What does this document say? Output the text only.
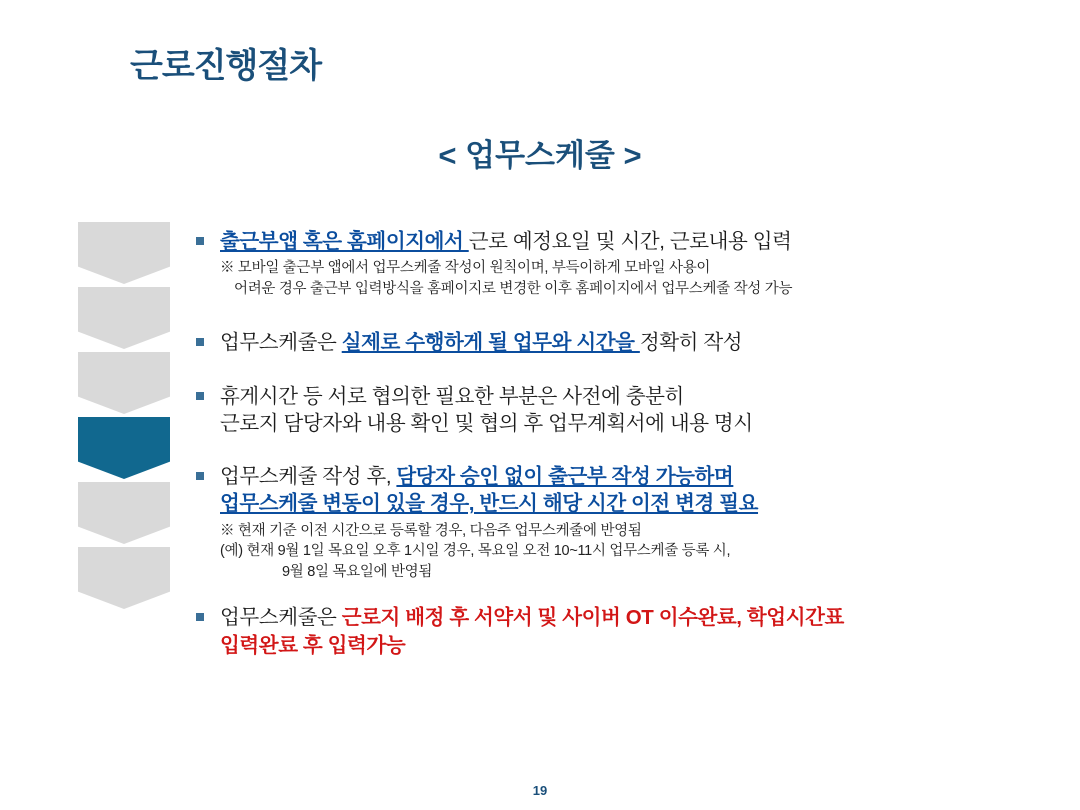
근로진행절차
< 업무스케줄 >
출근부앱 혹은 홈페이지에서 근로 예정요일 및 시간, 근로내용 입력
※ 모바일 출근부 앱에서 업무스케줄 작성이 원칙이며, 부득이하게 모바일 사용이
어려운 경우 출근부 입력방식을 홈페이지로 변경한 이후 홈페이지에서 업무스케줄 작성 가능
업무스케줄은 실제로 수행하게 될 업무와 시간을 정확히 작성
휴게시간 등 서로 협의한 필요한 부분은 사전에 충분히
근로지 담당자와 내용 확인 및 협의 후 업무계획서에 내용 명시
업무스케줄 작성 후, 담당자 승인 없이 출근부 작성 가능하며
업무스케줄 변동이 있을 경우, 반드시 해당 시간 이전 변경 필요
※ 현재 기준 이전 시간으로 등록할 경우, 다음주 업무스케줄에 반영됨
(예) 현재 9월 1일 목요일 오후 1시일 경우, 목요일 오전 10~11시 업무스케줄 등록 시,
9월 8일 목요일에 반영됨
업무스케줄은 근로지 배정 후 서약서 및 사이버 OT 이수완료, 학업시간표
입력완료 후 입력가능
19
